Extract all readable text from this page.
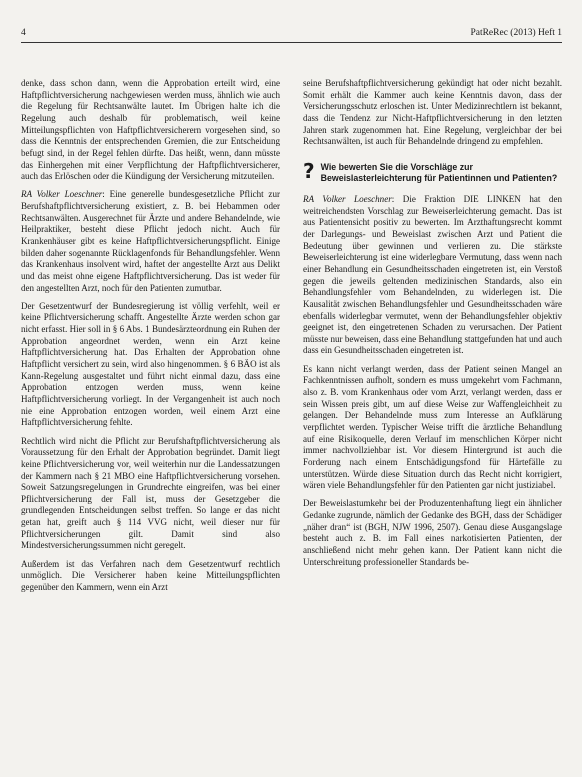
4	PatRеRec (2013) Heft 1

denke, dass schon dann, wenn die Approbation erteilt wird, eine Haftpflichtversicherung nachgewiesen werden muss, ähnlich wie auch die Regelung für Rechtsanwälte lautet. Im Übrigen halte ich die Regelung auch deshalb für problematisch, weil keine Mitteilungspflichten von Haftpflichtversicherern vorgesehen sind, so dass die Kenntnis der entsprechenden Gremien, die zur Entscheidung befugt sind, in der Regel fehlen dürfte. Das heißt, wenn, dann müsste das Einhergehen mit einer Verpflichtung der Haftpflichtversicherer, auch das Erlöschen oder die Kündigung der Versicherung mitzuteilen.

RA Volker Loeschner: Eine generelle bundesgesetzliche Pflicht zur Berufshaftpflichtversicherung existiert, z. B. bei Hebammen oder Rechtsanwälten. Ausgerechnet für Ärzte und andere Behandelnde, wie Heilpraktiker, besteht diese Pflicht jedoch nicht. Auch für Krankenhäuser gibt es keine Haftpflichtversicherungspflicht. Einige bilden daher sogenannte Rücklagenfonds für Behandlungsfehler. Wenn das Krankenhaus insolvent wird, haftet der angestellte Arzt aus Delikt und das meist ohne eigene Haftpflichtversicherung. Das ist weder für den angestellten Arzt, noch für den Patienten zumutbar.

Der Gesetzentwurf der Bundesregierung ist völlig verfehlt, weil er keine Pflichtversicherung schafft. Angestellte Ärzte werden schon gar nicht erfasst. Hier soll in § 6 Abs. 1 Bundesärzteordnung ein Ruhen der Approbation angeordnet werden, wenn ein Arzt keine Haftpflichtversicherung hat. Das Erhalten der Approbation ohne Haftpflicht versichert zu sein, wird also hingenommen. § 6 BÄO ist als Kann-Regelung ausgestaltet und führt nicht einmal dazu, dass eine Approbation entzogen werden muss, wenn keine Haftpflichtversicherung vorliegt. In der Vergangenheit ist auch noch nie eine Approbation entzogen worden, weil einem Arzt eine Haftpflichtversicherung fehlte.

Rechtlich wird nicht die Pflicht zur Berufshaftpflichtversicherung als Voraussetzung für den Erhalt der Approbation begründet. Damit liegt keine Pflichtversicherung vor, weil weiterhin nur die Landessatzungen der Kammern nach § 21 MBO eine Haftpflichtversicherung vorsehen. Soweit Satzungsregelungen in Grundrechte eingreifen, was bei einer Pflichtversicherung der Fall ist, muss der Gesetzgeber die grundlegenden Entscheidungen selbst treffen. So lange er das nicht getan hat, greift auch § 114 VVG nicht, weil dieser nur für Pflichtversicherungen gilt. Damit sind also Mindestversicherungssummen nicht geregelt.

Außerdem ist das Verfahren nach dem Gesetzentwurf rechtlich unmöglich. Die Versicherer haben keine Mitteilungspflichten gegenüber den Kammern, wenn ein Arzt

seine Berufshaftpflichtversicherung gekündigt hat oder nicht bezahlt. Somit erhält die Kammer auch keine Kenntnis davon, dass der Versicherungsschutz erloschen ist. Unter Medizinrechtlern ist bekannt, dass die Tendenz zur Nicht-Haftpflichtversicherung in den letzten Jahren stark zugenommen hat. Eine Regelung, vergleichbar der bei Rechtsanwälten, ist auch für Behandelnde dringend zu empfehlen.

? Wie bewerten Sie die Vorschläge zur Beweislasterleichterung für Patientinnen und Patienten?

RA Volker Loeschner: Die Fraktion DIE LINKEN hat den weitreichendsten Vorschlag zur Beweiserleichterung gemacht. Das ist aus Patientensicht positiv zu bewerten. Im Arzthaftungsrecht kommt der Darlegungs- und Beweislast zwischen Arzt und Patient die Bedeutung über gewinnen und verlieren zu. Die stärkste Beweiserleichterung ist eine widerlegbare Vermutung, dass wenn nach einer Behandlung ein Gesundheitsschaden eingetreten ist, ein Verstoß gegen die jeweils geltenden medizinischen Standards, also ein Behandlungsfehler vom Behandelnden, zu widerlegen ist. Die Kausalität zwischen Behandlungsfehler und Gesundheitsschaden wäre ebenfalls widerlegbar vermutet, wenn der Behandlungsfehler objektiv geeignet ist, den eingetretenen Schaden zu verursachen. Der Patient müsste nur beweisen, dass eine Behandlung stattgefunden hat und auch dass ein Gesundheitsschaden eingetreten ist.

Es kann nicht verlangt werden, dass der Patient seinen Mangel an Fachkenntnissen aufholt, sondern es muss umgekehrt vom Fachmann, also z. B. vom Krankenhaus oder vom Arzt, verlangt werden, dass er sein Wissen preis gibt, um auf diese Weise zur Waffengleichheit zu gelangen. Der Behandelnde muss zum Interesse an Aufklärung verpflichtet werden. Typischer Weise trifft die ärztliche Behandlung auf eine Risikoquelle, deren Verlauf im menschlichen Körper nicht immer nachvollziehbar ist. Vor diesem Hintergrund ist auch die Forderung nach einem Entschädigungsfond für Härtefälle zu unterstützen. Würde diese Situation durch das Recht nicht korrigiert, wären viele Behandlungsfehler für den Patienten gar nicht justiziabel.

Der Beweislastumkehr bei der Produzentenhaftung liegt ein ähnlicher Gedanke zugrunde, nämlich der Gedanke des BGH, dass der Schädiger „näher dran“ ist (BGH, NJW 1996, 2507). Genau diese Ausgangslage besteht auch z. B. im Fall eines narkotisierten Patienten, der anschließend nicht mehr gehen kann. Der Patient kann nicht die Unterschreitung professioneller Standards be-
